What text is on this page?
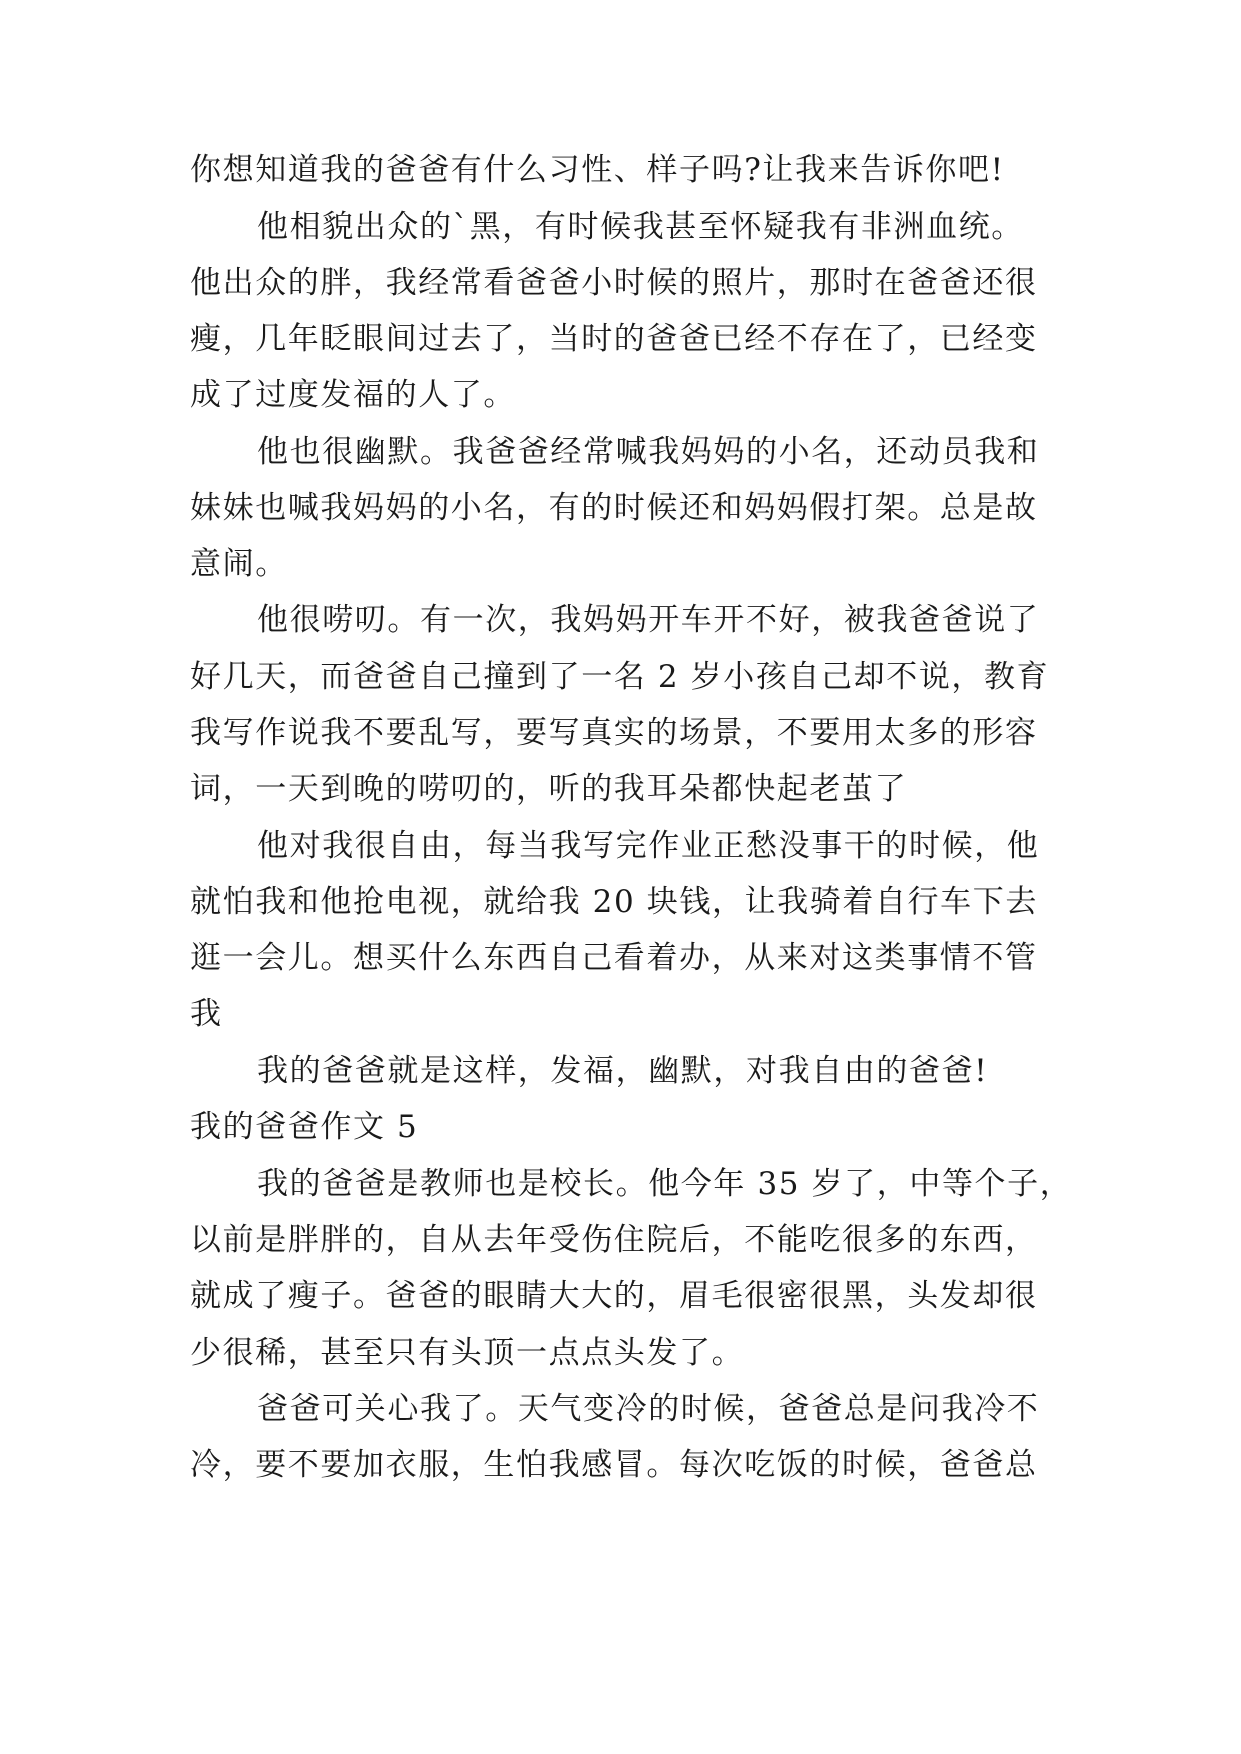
你想知道我的爸爸有什么习性、样子吗?让我来告诉你吧!
他相貌出众的`黑，有时候我甚至怀疑我有非洲血统。
他出众的胖，我经常看爸爸小时候的照片，那时在爸爸还很
瘦，几年眨眼间过去了，当时的爸爸已经不存在了，已经变
成了过度发福的人了。
他也很幽默。我爸爸经常喊我妈妈的小名，还动员我和
妹妹也喊我妈妈的小名，有的时候还和妈妈假打架。总是故
意闹。
他很唠叨。有一次，我妈妈开车开不好，被我爸爸说了
好几天，而爸爸自己撞到了一名 2 岁小孩自己却不说，教育
我写作说我不要乱写，要写真实的场景，不要用太多的形容
词，一天到晚的唠叨的，听的我耳朵都快起老茧了
他对我很自由，每当我写完作业正愁没事干的时候，他
就怕我和他抢电视，就给我 20 块钱，让我骑着自行车下去
逛一会儿。想买什么东西自己看着办，从来对这类事情不管
我
我的爸爸就是这样，发福，幽默，对我自由的爸爸!
我的爸爸作文 5
我的爸爸是教师也是校长。他今年 35 岁了，中等个子，
以前是胖胖的，自从去年受伤住院后，不能吃很多的东西，
就成了瘦子。爸爸的眼睛大大的，眉毛很密很黑，头发却很
少很稀，甚至只有头顶一点点头发了。
爸爸可关心我了。天气变冷的时候，爸爸总是问我冷不
冷，要不要加衣服，生怕我感冒。每次吃饭的时候，爸爸总
